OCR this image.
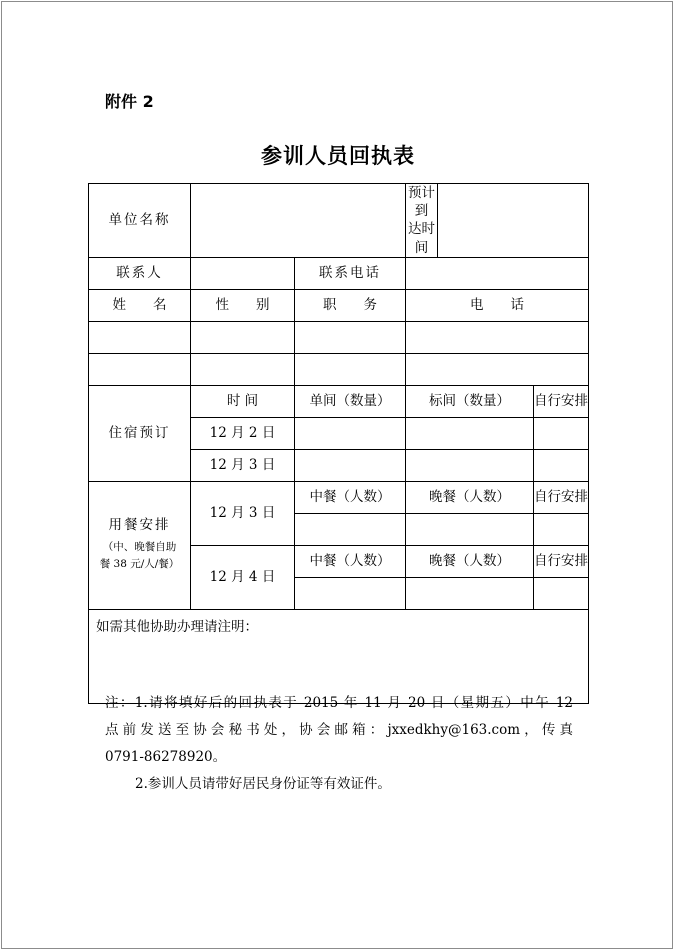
附件 2
参训人员回执表
单位名称			预计到
达时间		

联系人		联系电话			
姓　　名	性　　别	职　　务	电　　话		

住宿预订	时 间	单间（数量）	标间（数量）		自行安排
	12 月 2 日				
	12 月 3 日				

用餐安排
（中、晚餐自助
餐 38 元/人/餐）	12 月 3 日	中餐（人数）	晚餐（人数）		自行安排

	12 月 4 日	中餐（人数）	晚餐（人数）		自行安排

如需其他协助办理请注明：					

注：1.请将填好后的回执表于 2015 年 11 月 20 日（星期五）中午 12

点前发送至协会秘书处，协会邮箱：jxxedkhy@163.com，传真

0791-86278920。

2.参训人员请带好居民身份证等有效证件。
